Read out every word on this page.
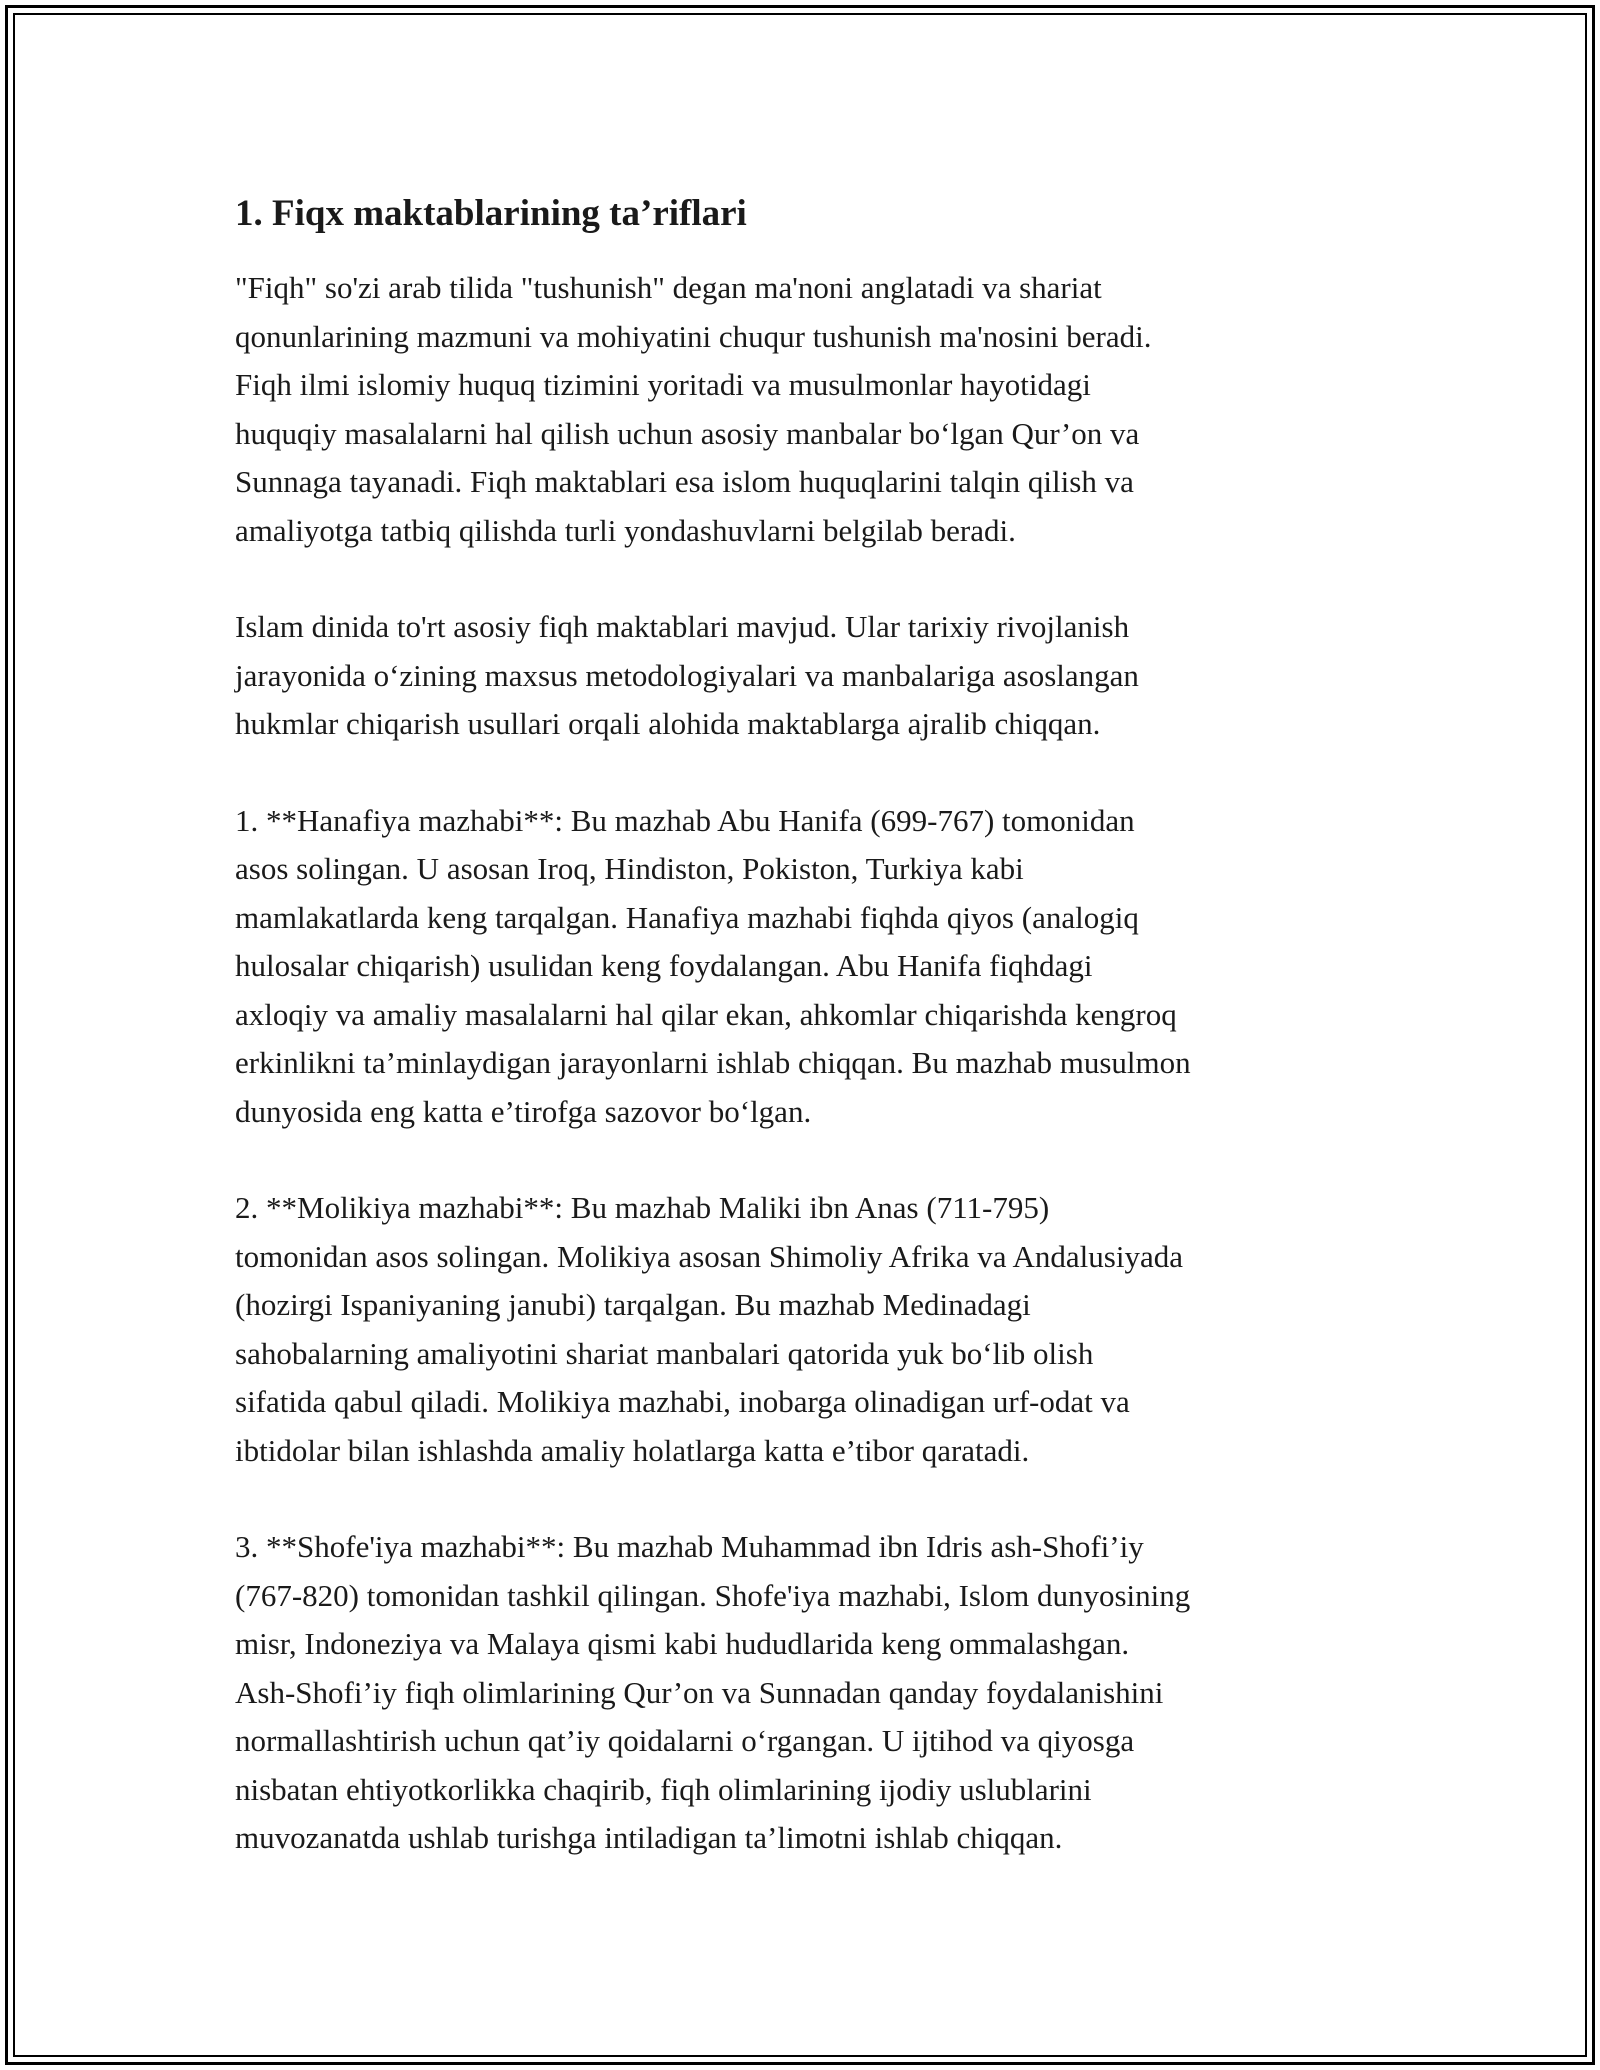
1. Fiqx maktablarining ta’riflari

"Fiqh" so'zi arab tilida "tushunish" degan ma'noni anglatadi va shariat
qonunlarining mazmuni va mohiyatini chuqur tushunish ma'nosini beradi.
Fiqh ilmi islomiy huquq tizimini yoritadi va musulmonlar hayotidagi
huquqiy masalalarni hal qilish uchun asosiy manbalar bo‘lgan Qur’on va
Sunnaga tayanadi. Fiqh maktablari esa islom huquqlarini talqin qilish va
amaliyotga tatbiq qilishda turli yondashuvlarni belgilab beradi.

Islam dinida to'rt asosiy fiqh maktablari mavjud. Ular tarixiy rivojlanish
jarayonida o‘zining maxsus metodologiyalari va manbalariga asoslangan
hukmlar chiqarish usullari orqali alohida maktablarga ajralib chiqqan.

1. **Hanafiya mazhabi**: Bu mazhab Abu Hanifa (699-767) tomonidan
asos solingan. U asosan Iroq, Hindiston, Pokiston, Turkiya kabi
mamlakatlarda keng tarqalgan. Hanafiya mazhabi fiqhda qiyos (analogiq
hulosalar chiqarish) usulidan keng foydalangan. Abu Hanifa fiqhdagi
axloqiy va amaliy masalalarni hal qilar ekan, ahkomlar chiqarishda kengroq
erkinlikni ta’minlaydigan jarayonlarni ishlab chiqqan. Bu mazhab musulmon
dunyosida eng katta e’tirofga sazovor bo‘lgan.

2. **Molikiya mazhabi**: Bu mazhab Maliki ibn Anas (711-795)
tomonidan asos solingan. Molikiya asosan Shimoliy Afrika va Andalusiyada
(hozirgi Ispaniyaning janubi) tarqalgan. Bu mazhab Medinadagi
sahobalarning amaliyotini shariat manbalari qatorida yuk bo‘lib olish
sifatida qabul qiladi. Molikiya mazhabi, inobarga olinadigan urf-odat va
ibtidolar bilan ishlashda amaliy holatlarga katta e’tibor qaratadi.

3. **Shofe'iya mazhabi**: Bu mazhab Muhammad ibn Idris ash-Shofi’iy
(767-820) tomonidan tashkil qilingan. Shofe'iya mazhabi, Islom dunyosining
misr, Indoneziya va Malaya qismi kabi hududlarida keng ommalashgan.
Ash-Shofi’iy fiqh olimlarining Qur’on va Sunnadan qanday foydalanishini
normallashtirish uchun qat’iy qoidalarni o‘rgangan. U ijtihod va qiyosga
nisbatan ehtiyotkorlikka chaqirib, fiqh olimlarining ijodiy uslublarini
muvozanatda ushlab turishga intiladigan ta’limotni ishlab chiqqan.
